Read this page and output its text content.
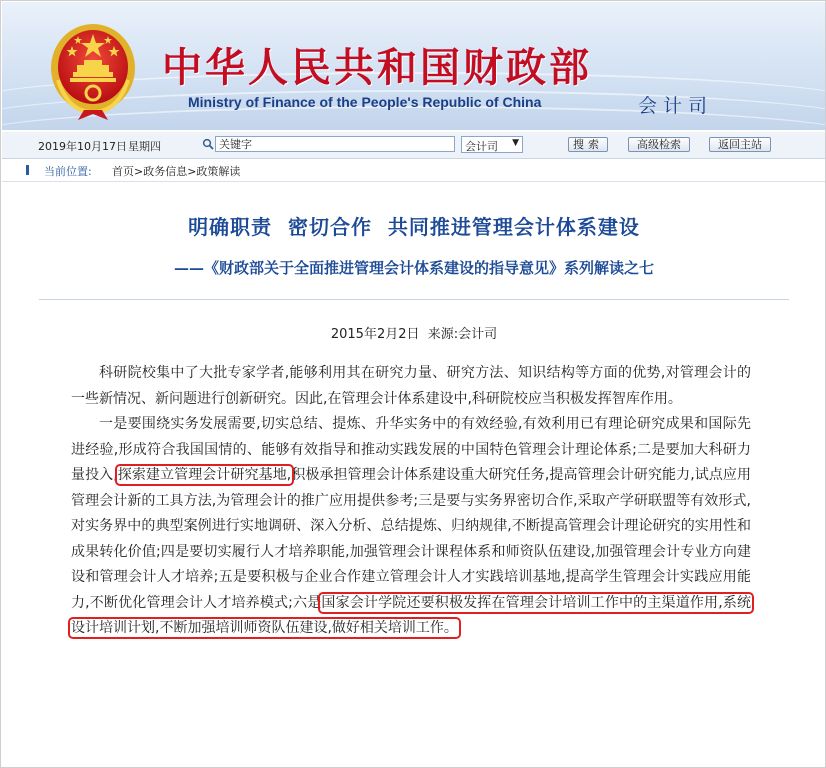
中华人民共和国财政部
Ministry of Finance of the People's Republic of China	会计司
2019年10月17日 星期四
关键字	会计司 ▼	搜索	高级检索	返回主站
当前位置: 首页>政务信息>政策解读
明确职责  密切合作  共同推进管理会计体系建设
——《财政部关于全面推进管理会计体系建设的指导意见》系列解读之七
2015年2月2日  来源:会计司

科研院校集中了大批专家学者,能够利用其在研究力量、研究方法、知识结构等方面的优势,对管理会计的一些新情况、新问题进行创新研究。因此,在管理会计体系建设中,科研院校应当积极发挥智库作用。

一是要围绕实务发展需要,切实总结、提炼、升华实务中的有效经验,有效利用已有理论研究成果和国际先进经验,形成符合我国国情的、能够有效指导和推动实践发展的中国特色管理会计理论体系;二是要加大科研力量投入,探索建立管理会计研究基地,积极承担管理会计体系建设重大研究任务,提高管理会计研究能力,试点应用管理会计新的工具方法,为管理会计的推广应用提供参考;三是要与实务界密切合作,采取产学研联盟等有效形式,对实务界中的典型案例进行实地调研、深入分析、总结提炼、归纳规律,不断提高管理会计理论研究的实用性和成果转化价值;四是要切实履行人才培养职能,加强管理会计课程体系和师资队伍建设,加强管理会计专业方向建设和管理会计人才培养;五是要积极与企业合作建立管理会计人才实践培训基地,提高学生管理会计实践应用能力,不断优化管理会计人才培养模式;六是国家会计学院还要积极发挥在管理会计培训工作中的主渠道作用,系统设计培训计划,不断加强培训师资队伍建设,做好相关培训工作。
